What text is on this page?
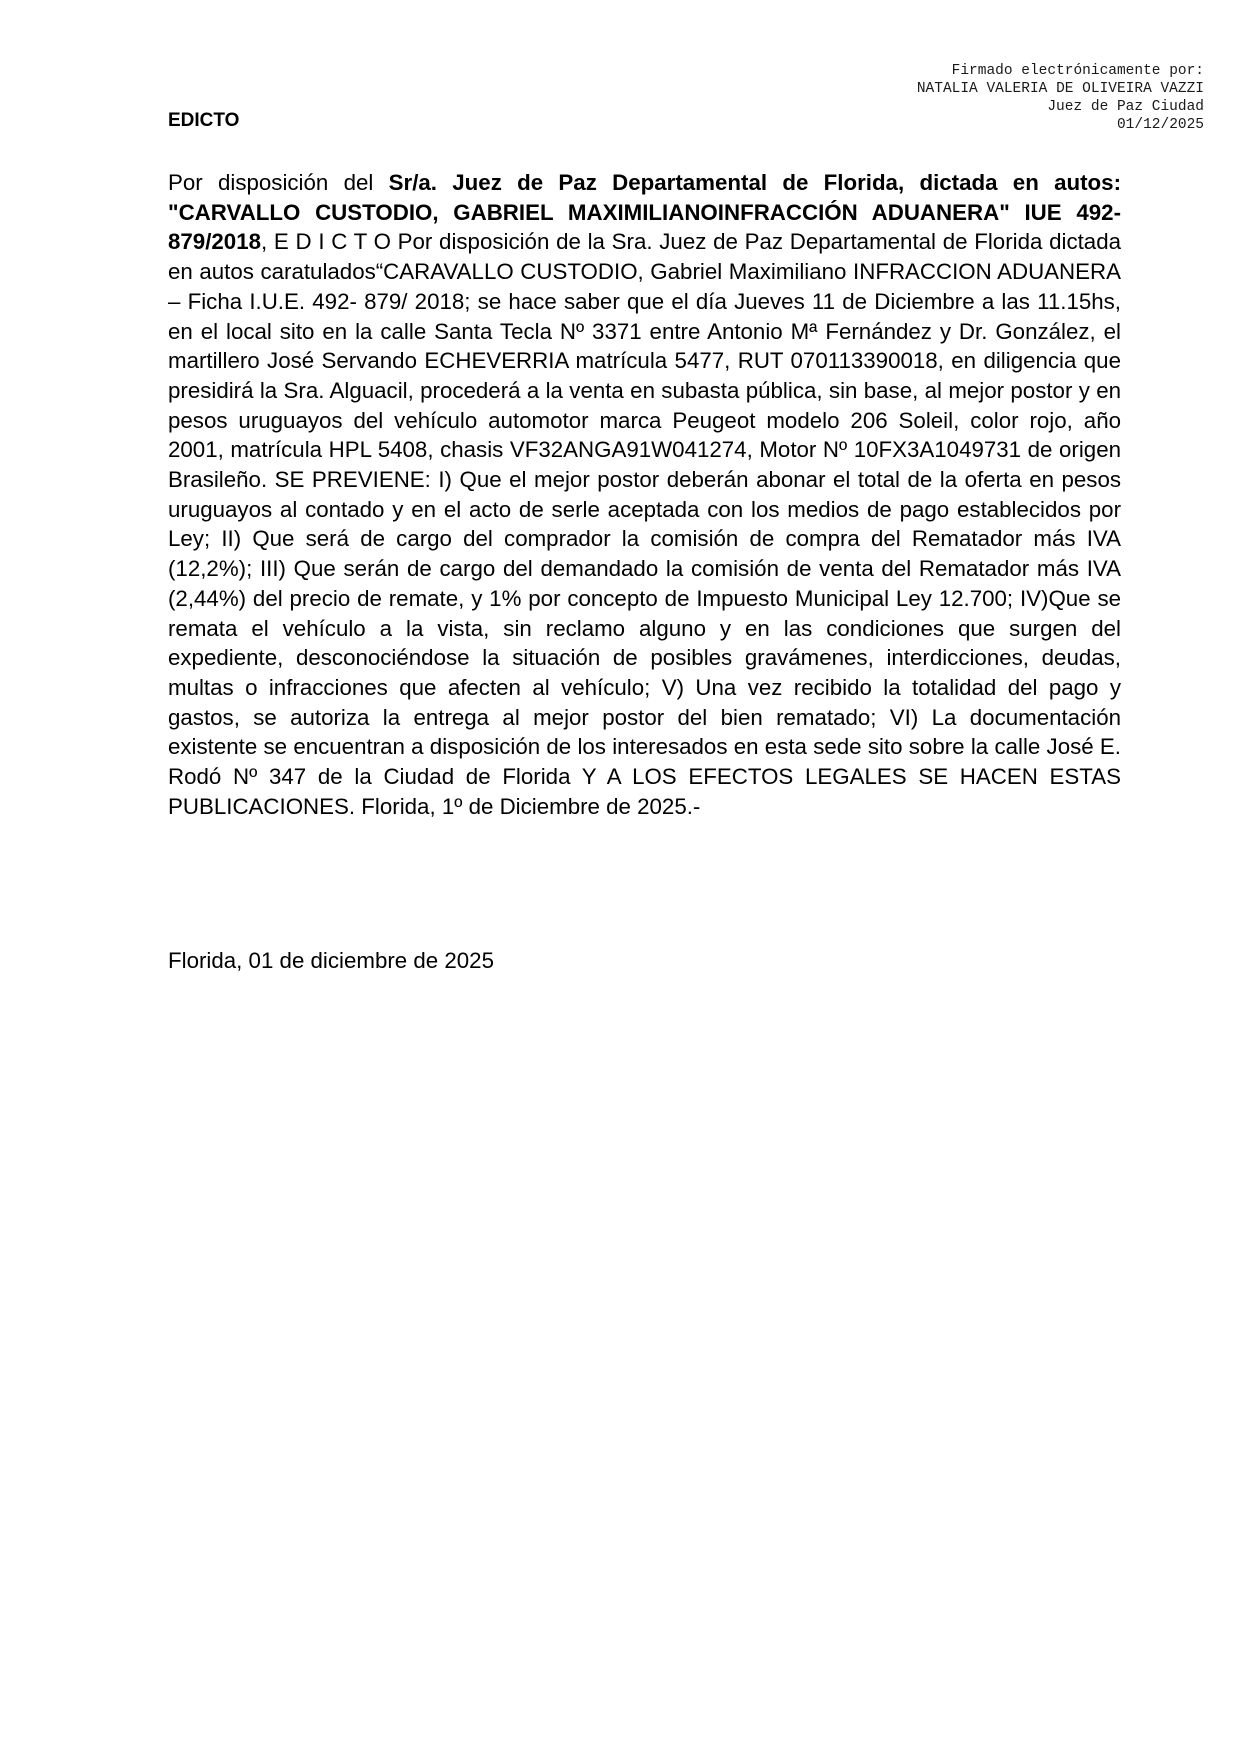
Firmado electrónicamente por:
NATALIA VALERIA DE OLIVEIRA VAZZI
Juez de Paz Ciudad
01/12/2025
EDICTO

Por disposición del Sr/a. Juez de Paz Departamental de Florida, dictada en autos: "CARVALLO CUSTODIO, GABRIEL MAXIMILIANOINFRACCIÓN ADUANERA" IUE 492-879/2018, E D I C T O Por disposición de la Sra. Juez de Paz Departamental de Florida dictada en autos caratulados“CARAVALLO CUSTODIO, Gabriel Maximiliano INFRACCION ADUANERA – Ficha I.U.E. 492- 879/ 2018; se hace saber que el día Jueves 11 de Diciembre a las 11.15hs, en el local sito en la calle Santa Tecla Nº 3371 entre Antonio Mª Fernández y Dr. González, el martillero José Servando ECHEVERRIA matrícula 5477, RUT 070113390018, en diligencia que presidirá la Sra. Alguacil, procederá a la venta en subasta pública, sin base, al mejor postor y en pesos uruguayos del vehículo automotor marca Peugeot modelo 206 Soleil, color rojo, año 2001, matrícula HPL 5408, chasis VF32ANGA91W041274, Motor Nº 10FX3A1049731 de origen Brasileño. SE PREVIENE: I) Que el mejor postor deberán abonar el total de la oferta en pesos uruguayos al contado y en el acto de serle aceptada con los medios de pago establecidos por Ley; II) Que será de cargo del comprador la comisión de compra del Rematador más IVA (12,2%); III) Que serán de cargo del demandado la comisión de venta del Rematador más IVA (2,44%) del precio de remate, y 1% por concepto de Impuesto Municipal Ley 12.700; IV)Que se remata el vehículo a la vista, sin reclamo alguno y en las condiciones que surgen del expediente, desconociéndose la situación de posibles gravámenes, interdicciones, deudas, multas o infracciones que afecten al vehículo; V) Una vez recibido la totalidad del pago y gastos, se autoriza la entrega al mejor postor del bien rematado; VI) La documentación existente se encuentran a disposición de los interesados en esta sede sito sobre la calle José E. Rodó Nº 347 de la Ciudad de Florida Y A LOS EFECTOS LEGALES SE HACEN ESTAS PUBLICACIONES. Florida, 1º de Diciembre de 2025.-

Florida, 01 de diciembre de 2025
